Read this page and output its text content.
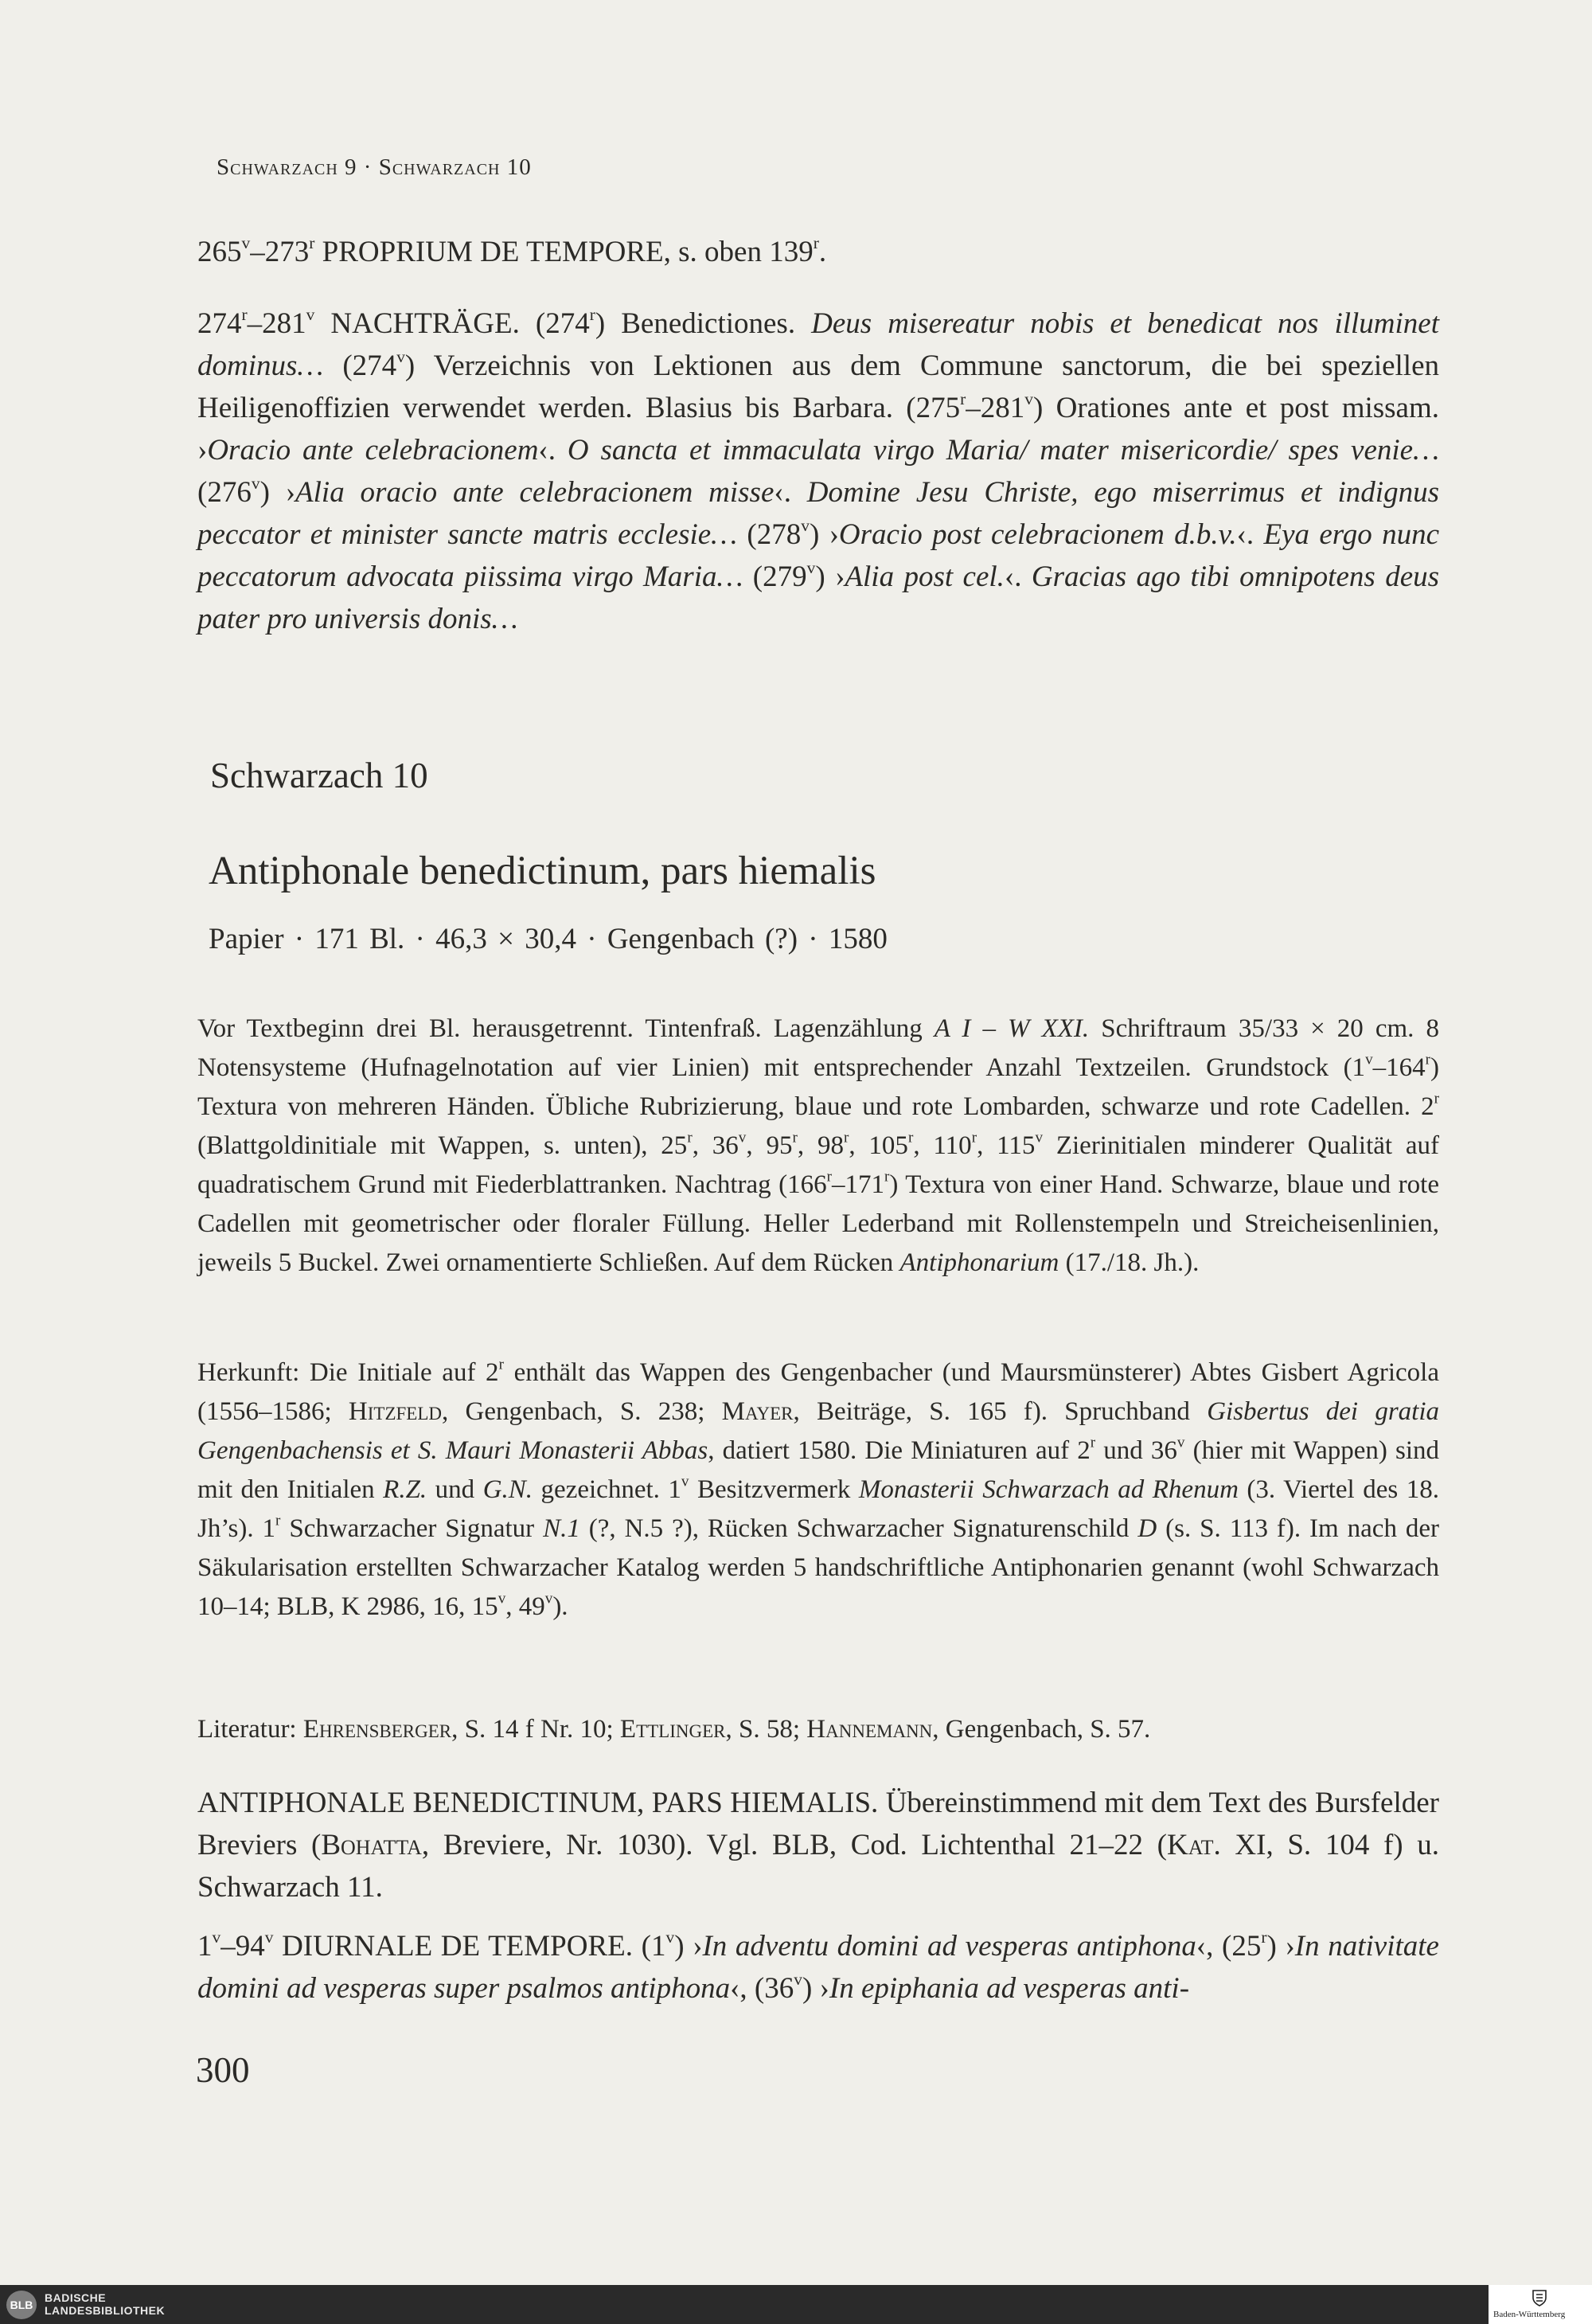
Schwarzach 9 · Schwarzach 10

265$^v$–273$^r$ PROPRIUM DE TEMPORE, s. oben 139$^r$.

274$^r$–281$^v$ NACHTRÄGE. (274$^r$) Benedictiones. Deus misereatur nobis et benedicat nos illuminet dominus… (274$^v$) Verzeichnis von Lektionen aus dem Commune sanctorum, die bei speziellen Heiligenoffizien verwendet werden. Blasius bis Barbara. (275$^r$–281$^v$) Orationes ante et post missam. ›Oracio ante celebracionem‹. O sancta et immaculata virgo Maria/ mater misericordie/ spes venie… (276$^v$) ›Alia oracio ante celebracionem misse‹. Domine Jesu Christe, ego miserrimus et indignus peccator et minister sancte matris ecclesie… (278$^v$) ›Oracio post celebracionem d.b.v.‹. Eya ergo nunc peccatorum advocata piissima virgo Maria… (279$^v$) ›Alia post cel.‹. Gracias ago tibi omnipotens deus pater pro universis donis…

Schwarzach 10
Antiphonale benedictinum, pars hiemalis
Papier · 171 Bl. · 46,3 × 30,4 · Gengenbach (?) · 1580

Vor Textbeginn drei Bl. herausgetrennt. Tintenfraß. Lagenzählung A I – W XXI. Schriftraum 35/33 × 20 cm. 8 Notensysteme (Hufnagelnotation auf vier Linien) mit entsprechender Anzahl Textzeilen. Grundstock (1$^v$–164$^r$) Textura von mehreren Händen. Übliche Rubrizierung, blaue und rote Lombarden, schwarze und rote Cadellen. 2$^r$ (Blattgoldinitiale mit Wappen, s. unten), 25$^r$, 36$^v$, 95$^r$, 98$^r$, 105$^r$, 110$^r$, 115$^v$ Zierinitialen minderer Qualität auf quadratischem Grund mit Fiederblattranken. Nachtrag (166$^r$–171$^r$) Textura von einer Hand. Schwarze, blaue und rote Cadellen mit geometrischer oder floraler Füllung. Heller Lederband mit Rollenstempeln und Streicheisenlinien, jeweils 5 Buckel. Zwei ornamentierte Schließen. Auf dem Rücken Antiphonarium (17./18. Jh.).

Herkunft: Die Initiale auf 2$^r$ enthält das Wappen des Gengenbacher (und Maursmünsterer) Abtes Gisbert Agricola (1556–1586; Hitzfeld, Gengenbach, S. 238; Mayer, Beiträge, S. 165 f). Spruchband Gisbertus dei gratia Gengenbachensis et S. Mauri Monasterii Abbas, datiert 1580. Die Miniaturen auf 2$^r$ und 36$^v$ (hier mit Wappen) sind mit den Initialen R.Z. und G.N. gezeichnet. 1$^v$ Besitzvermerk Monasterii Schwarzach ad Rhenum (3. Viertel des 18. Jh’s). 1$^r$ Schwarzacher Signatur N.1 (?, N.5 ?), Rücken Schwarzacher Signaturenschild D (s. S. 113 f). Im nach der Säkularisation erstellten Schwarzacher Katalog werden 5 handschriftliche Antiphonarien genannt (wohl Schwarzach 10–14; BLB, K 2986, 16, 15$^v$, 49$^v$).

Literatur: Ehrensberger, S. 14 f Nr. 10; Ettlinger, S. 58; Hannemann, Gengenbach, S. 57.

ANTIPHONALE BENEDICTINUM, PARS HIEMALIS. Übereinstimmend mit dem Text des Bursfelder Breviers (Bohatta, Breviere, Nr. 1030). Vgl. BLB, Cod. Lichtenthal 21–22 (Kat. XI, S. 104 f) u. Schwarzach 11.

1$^v$–94$^v$ DIURNALE DE TEMPORE. (1$^v$) ›In adventu domini ad vesperas antiphona‹, (25$^r$) ›In nativitate domini ad vesperas super psalmos antiphona‹, (36$^v$) ›In epiphania ad vesperas anti-

300
BLB
BADISCHE
LANDESBIBLIOTHEK	Baden-Württemberg
